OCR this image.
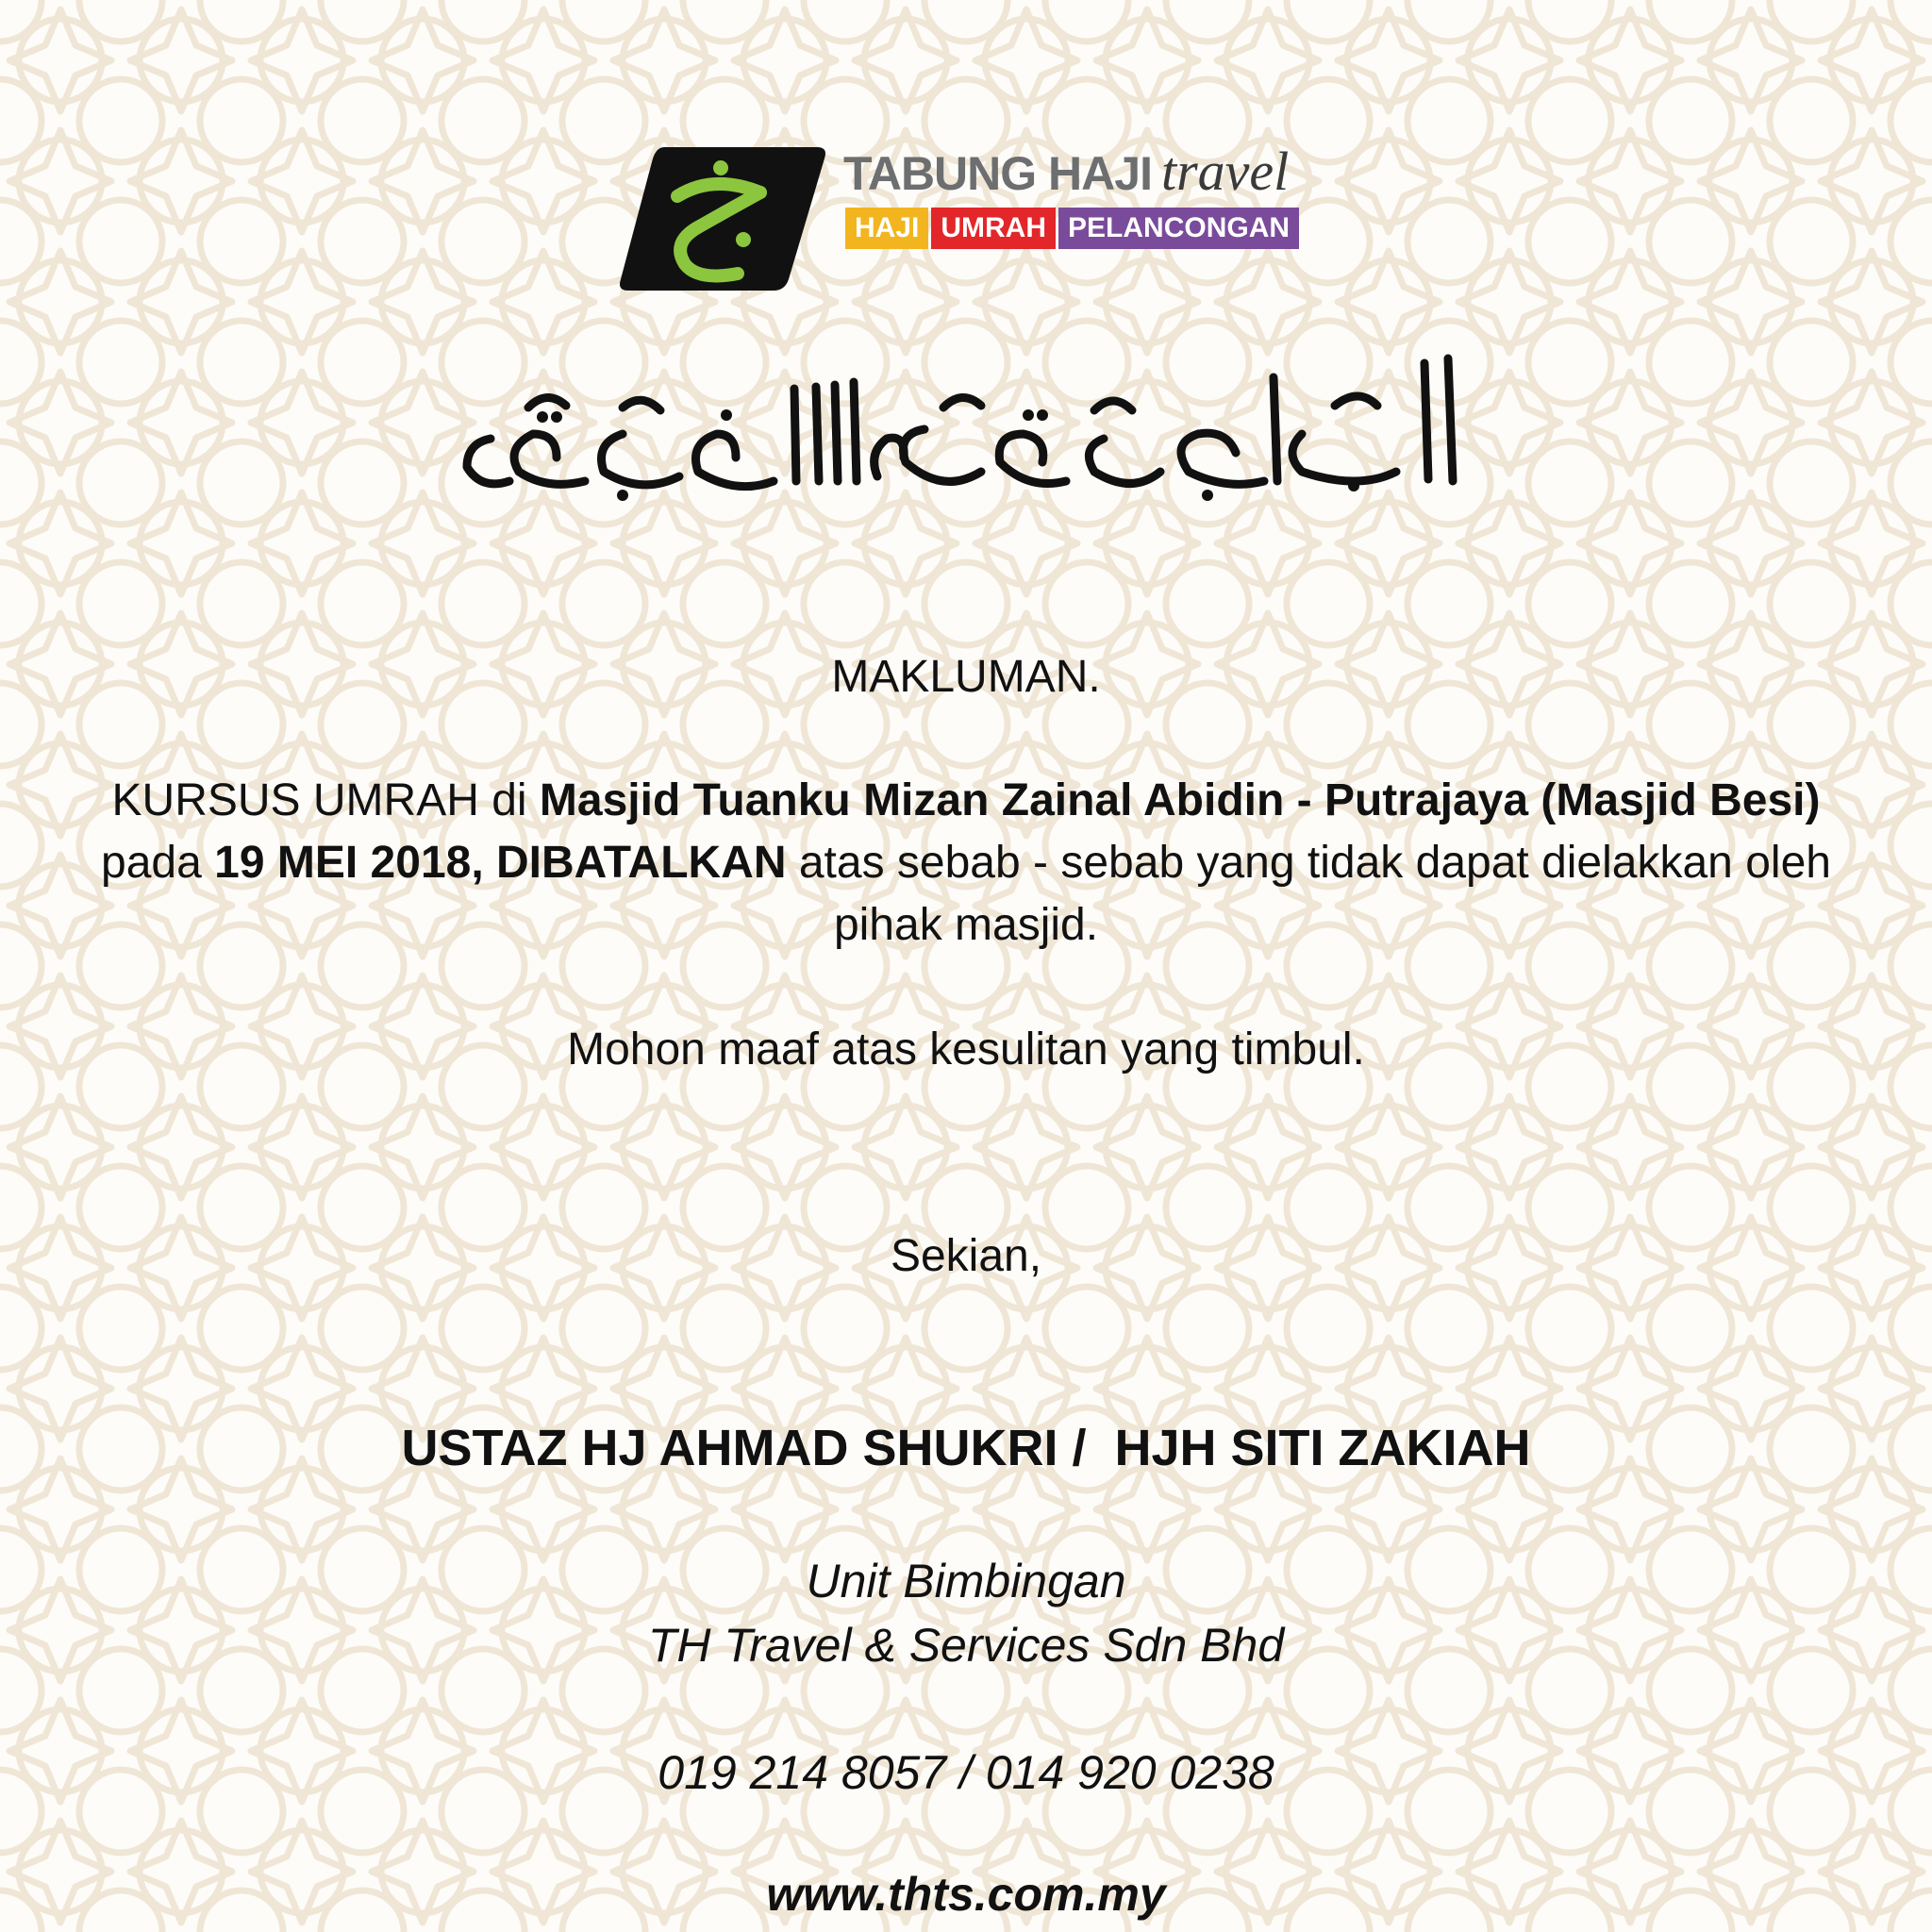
TABUNG HAJI travel
HAJI UMRAH PELANCONGAN
MAKLUMAN.
KURSUS UMRAH di Masjid Tuanku Mizan Zainal Abidin - Putrajaya (Masjid Besi) pada 19 MEI 2018, DIBATALKAN atas sebab - sebab yang tidak dapat dielakkan oleh pihak masjid.
Mohon maaf atas kesulitan yang timbul.
Sekian,
USTAZ HJ AHMAD SHUKRI /  HJH SITI ZAKIAH
Unit Bimbingan
TH Travel & Services Sdn Bhd
019 214 8057 / 014 920 0238
www.thts.com.my
